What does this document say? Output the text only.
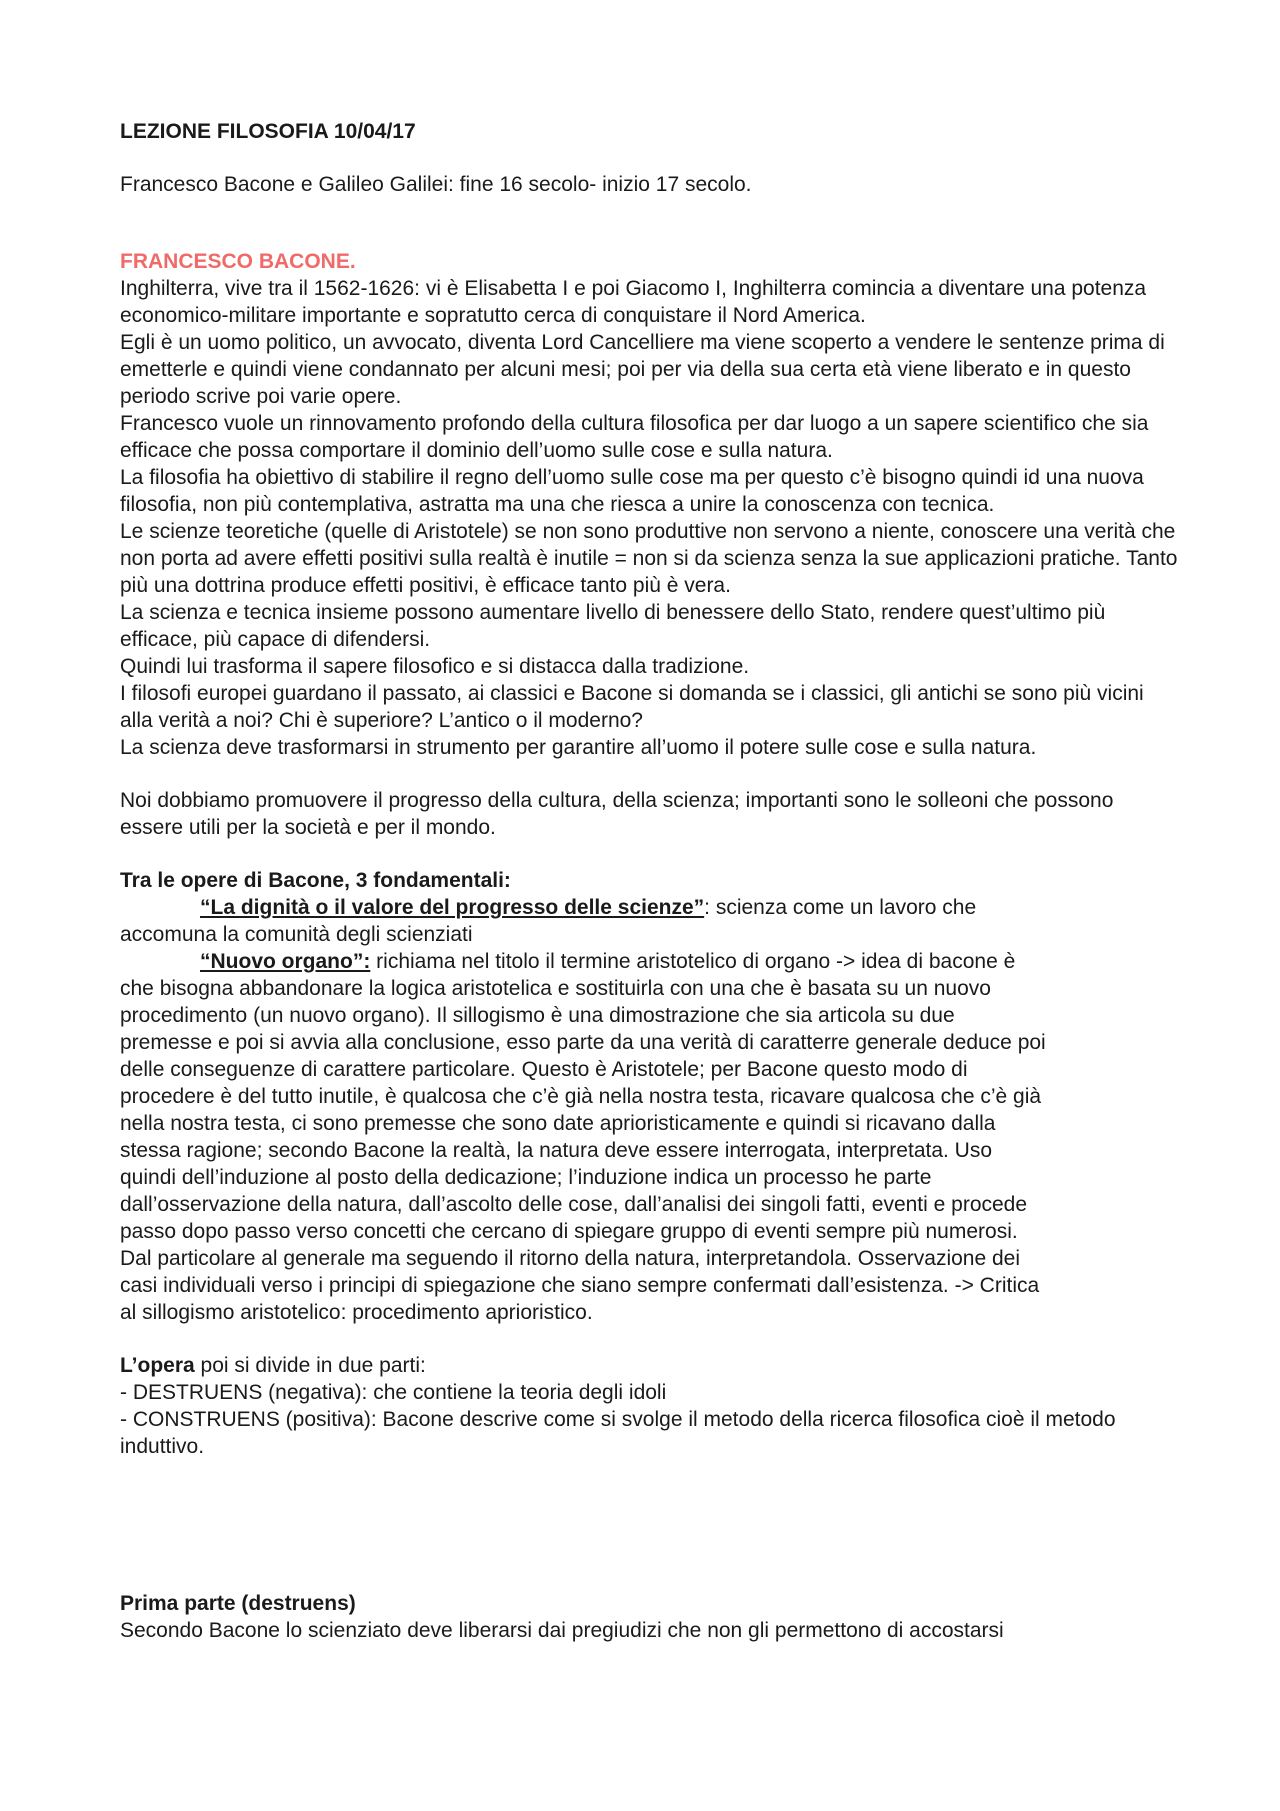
LEZIONE FILOSOFIA 10/04/17

Francesco Bacone e Galileo Galilei: fine 16 secolo- inizio 17 secolo.

FRANCESCO BACONE.

Inghilterra, vive tra il 1562-1626: vi è Elisabetta I e poi Giacomo I, Inghilterra comincia a diventare una potenza economico-militare importante e sopratutto cerca di conquistare il Nord America.

Egli è un uomo politico, un avvocato, diventa Lord Cancelliere ma viene scoperto a vendere le sentenze prima di emetterle e quindi viene condannato per alcuni mesi; poi per via della sua certa età viene liberato e in questo periodo scrive poi varie opere.

Francesco vuole un rinnovamento profondo della cultura filosofica per dar luogo a un sapere scientifico che sia efficace che possa comportare il dominio dell’uomo sulle cose e sulla natura.

La filosofia ha obiettivo di stabilire il regno dell’uomo sulle cose ma per questo c’è bisogno quindi id una nuova filosofia, non più contemplativa, astratta ma una che riesca a unire la conoscenza con tecnica.

Le scienze teoretiche (quelle di Aristotele) se non sono produttive non servono a niente, conoscere una verità che non porta ad avere effetti positivi sulla realtà è inutile = non si da scienza senza la sue applicazioni pratiche. Tanto più una dottrina produce effetti positivi, è efficace tanto più è vera.

La scienza e tecnica insieme possono aumentare livello di benessere dello Stato, rendere quest’ultimo più efficace, più capace di difendersi.

Quindi lui trasforma il sapere filosofico e si distacca dalla tradizione.

I filosofi europei guardano il passato, ai classici e Bacone si domanda se i classici, gli antichi se sono più vicini alla verità a noi? Chi è superiore? L’antico o il moderno?

La scienza deve trasformarsi in strumento per garantire all’uomo il potere sulle cose e sulla natura.

Noi dobbiamo promuovere il progresso della cultura, della scienza; importanti sono le solleoni che possono essere utili per la società e per il mondo.

Tra le opere di Bacone, 3 fondamentali:

“La dignità o il valore del progresso delle scienze”: scienza come un lavoro che
accomuna la comunità degli scienziati
“Nuovo organo”: richiama nel titolo il termine aristotelico di organo -> idea di bacone è
che bisogna abbandonare la logica aristotelica e sostituirla con una che è basata su un nuovo
procedimento (un nuovo organo). Il sillogismo è una dimostrazione che sia articola su due
premesse e poi si avvia alla conclusione, esso parte da una verità di caratterre generale deduce poi
delle conseguenze di carattere particolare. Questo è Aristotele; per Bacone questo modo di
procedere è del tutto inutile, è qualcosa che c’è già nella nostra testa, ricavare qualcosa che c’è già
nella nostra testa, ci sono premesse che sono date aprioristicamente e quindi si ricavano dalla
stessa ragione; secondo Bacone la realtà, la natura deve essere interrogata, interpretata. Uso
quindi dell’induzione al posto della dedicazione; l’induzione indica un processo he parte
dall’osservazione della natura, dall’ascolto delle cose, dall’analisi dei singoli fatti, eventi e procede
passo dopo passo verso concetti che cercano di spiegare gruppo di eventi sempre più numerosi.
Dal particolare al generale ma seguendo il ritorno della natura, interpretandola. Osservazione dei
casi individuali verso i principi di spiegazione che siano sempre confermati dall’esistenza. -> Critica
al sillogismo aristotelico: procedimento aprioristico.

L’opera poi si divide in due parti:

- DESTRUENS (negativa): che contiene la teoria degli idoli

- CONSTRUENS (positiva): Bacone descrive come si svolge il metodo della ricerca filosofica cioè il metodo induttivo.

Prima parte (destruens)

Secondo Bacone lo scienziato deve liberarsi dai pregiudizi che non gli permettono di accostarsi
